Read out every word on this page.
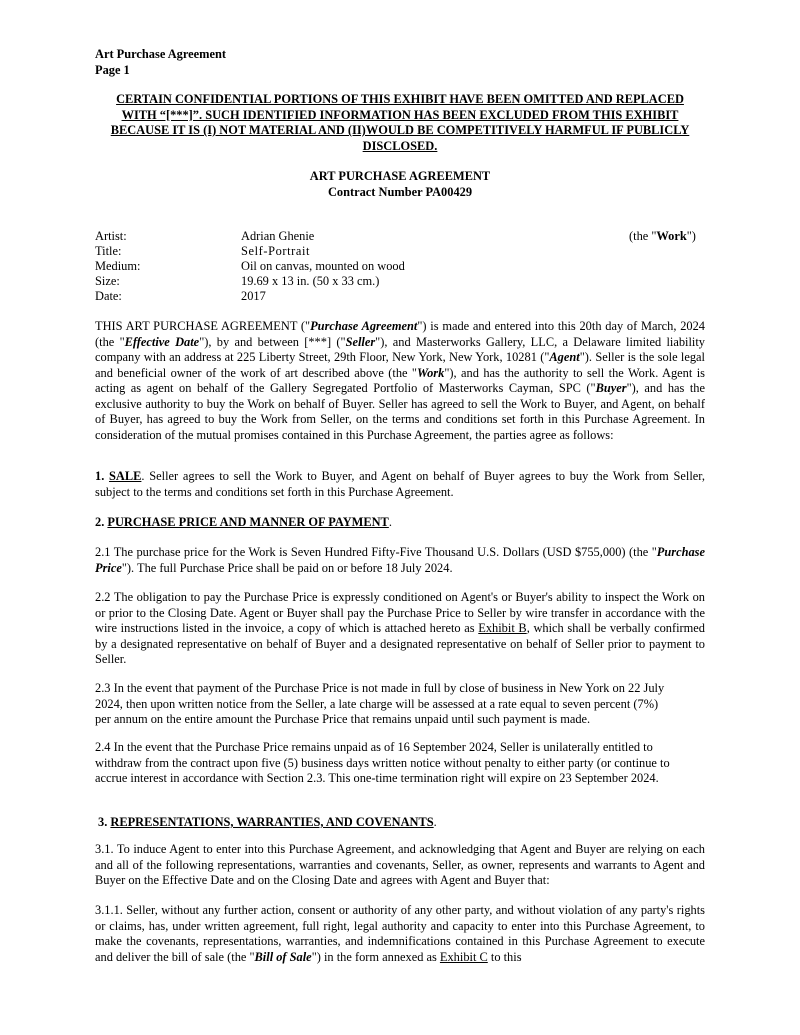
Art Purchase Agreement
Page 1
CERTAIN CONFIDENTIAL PORTIONS OF THIS EXHIBIT HAVE BEEN OMITTED AND REPLACED
WITH “[***]”. SUCH IDENTIFIED INFORMATION HAS BEEN EXCLUDED FROM THIS EXHIBIT
BECAUSE IT IS (I) NOT MATERIAL AND (II)WOULD BE COMPETITIVELY HARMFUL IF PUBLICLY
DISCLOSED.
ART PURCHASE AGREEMENT
Contract Number PA00429
Artist:	Adrian Ghenie	(the "Work")
Title:	Self-Portrait
Medium:	Oil on canvas, mounted on wood
Size:	19.69 x 13 in. (50 x 33 cm.)
Date:	2017

THIS ART PURCHASE AGREEMENT ("Purchase Agreement") is made and entered into this 20th day of March, 2024 (the "Effective Date"), by and between [***] ("Seller"), and Masterworks Gallery, LLC, a Delaware limited liability company with an address at 225 Liberty Street, 29th Floor, New York, New York, 10281 ("Agent"). Seller is the sole legal and beneficial owner of the work of art described above (the "Work"), and has the authority to sell the Work. Agent is acting as agent on behalf of the Gallery Segregated Portfolio of Masterworks Cayman, SPC ("Buyer"), and has the exclusive authority to buy the Work on behalf of Buyer. Seller has agreed to sell the Work to Buyer, and Agent, on behalf of Buyer, has agreed to buy the Work from Seller, on the terms and conditions set forth in this Purchase Agreement. In consideration of the mutual promises contained in this Purchase Agreement, the parties agree as follows:

1. SALE. Seller agrees to sell the Work to Buyer, and Agent on behalf of Buyer agrees to buy the Work from Seller, subject to the terms and conditions set forth in this Purchase Agreement.

2. PURCHASE PRICE AND MANNER OF PAYMENT.

2.1 The purchase price for the Work is Seven Hundred Fifty-Five Thousand U.S. Dollars (USD $755,000) (the "Purchase Price"). The full Purchase Price shall be paid on or before 18 July 2024.

2.2 The obligation to pay the Purchase Price is expressly conditioned on Agent's or Buyer's ability to inspect the Work on or prior to the Closing Date. Agent or Buyer shall pay the Purchase Price to Seller by wire transfer in accordance with the wire instructions listed in the invoice, a copy of which is attached hereto as Exhibit B, which shall be verbally confirmed by a designated representative on behalf of Buyer and a designated representative on behalf of Seller prior to payment to Seller.

2.3 In the event that payment of the Purchase Price is not made in full by close of business in New York on 22 July
2024, then upon written notice from the Seller, a late charge will be assessed at a rate equal to seven percent (7%)
per annum on the entire amount the Purchase Price that remains unpaid until such payment is made.
2.4 In the event that the Purchase Price remains unpaid as of 16 September 2024, Seller is unilaterally entitled to
withdraw from the contract upon five (5) business days written notice without penalty to either party (or continue to
accrue interest in accordance with Section 2.3. This one-time termination right will expire on 23 September 2024.

3. REPRESENTATIONS, WARRANTIES, AND COVENANTS.

3.1. To induce Agent to enter into this Purchase Agreement, and acknowledging that Agent and Buyer are relying on each and all of the following representations, warranties and covenants, Seller, as owner, represents and warrants to Agent and Buyer on the Effective Date and on the Closing Date and agrees with Agent and Buyer that:

3.1.1. Seller, without any further action, consent or authority of any other party, and without violation of any party's rights or claims, has, under written agreement, full right, legal authority and capacity to enter into this Purchase Agreement, to make the covenants, representations, warranties, and indemnifications contained in this Purchase Agreement to execute and deliver the bill of sale (the "Bill of Sale") in the form annexed as Exhibit C to this
